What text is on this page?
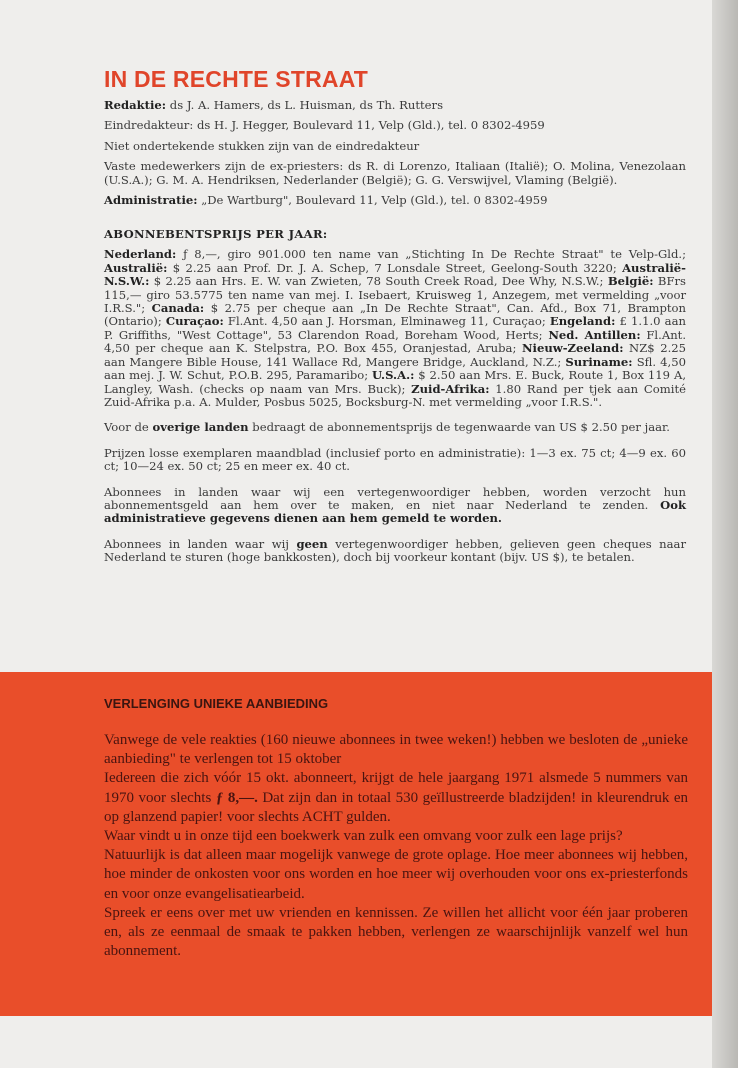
IN DE RECHTE STRAAT

Redaktie: ds J. A. Hamers, ds L. Huisman, ds Th. Rutters

Eindredakteur: ds H. J. Hegger, Boulevard 11, Velp (Gld.), tel. 0 8302-4959

Niet ondertekende stukken zijn van de eindredakteur

Vaste medewerkers zijn de ex-priesters: ds R. di Lorenzo, Italiaan (Italië); O. Molina, Venezolaan (U.S.A.); G. M. A. Hendriksen, Nederlander (België); G. G. Verswijvel, Vlaming (België).

Administratie: „De Wartburg", Boulevard 11, Velp (Gld.), tel. 0 8302-4959

ABONNEBENTSPRIJS PER JAAR:

Nederland: ƒ 8,—, giro 901.000 ten name van „Stichting In De Rechte Straat" te Velp-Gld.; Australië: $ 2.25 aan Prof. Dr. J. A. Schep, 7 Lonsdale Street, Geelong-South 3220; Australië-N.S.W.: $ 2.25 aan Hrs. E. W. van Zwieten, 78 South Creek Road, Dee Why, N.S.W.; België: BFrs 115,— giro 53.5775 ten name van mej. I. Isebaert, Kruisweg 1, Anzegem, met vermelding „voor I.R.S."; Canada: $ 2.75 per cheque aan „In De Rechte Straat", Can. Afd., Box 71, Brampton (Ontario); Curaçao: Fl.Ant. 4,50 aan J. Horsman, Elminaweg 11, Curaçao; Engeland: £ 1.1.0 aan P. Griffiths, "West Cottage", 53 Clarendon Road, Boreham Wood, Herts; Ned. Antillen: Fl.Ant. 4,50 per cheque aan K. Stelpstra, P.O. Box 455, Oranjestad, Aruba; Nieuw-Zeeland: NZ$ 2.25 aan Mangere Bible House, 141 Wallace Rd, Mangere Bridge, Auckland, N.Z.; Suriname: Sfl. 4,50 aan mej. J. W. Schut, P.O.B. 295, Paramaribo; U.S.A.: $ 2.50 aan Mrs. E. Buck, Route 1, Box 119 A, Langley, Wash. (checks op naam van Mrs. Buck); Zuid-Afrika: 1.80 Rand per tjek aan Comité Zuid-Afrika p.a. A. Mulder, Posbus 5025, Bocksburg-N. met vermelding „voor I.R.S.".

Voor de overige landen bedraagt de abonnementsprijs de tegenwaarde van US $ 2.50 per jaar.

Prijzen losse exemplaren maandblad (inclusief porto en administratie): 1—3 ex. 75 ct; 4—9 ex. 60 ct; 10—24 ex. 50 ct; 25 en meer ex. 40 ct.

Abonnees in landen waar wij een vertegenwoordiger hebben, worden verzocht hun abonnementsgeld aan hem over te maken, en niet naar Nederland te zenden. Ook administratieve gegevens dienen aan hem gemeld te worden.

Abonnees in landen waar wij geen vertegenwoordiger hebben, gelieven geen cheques naar Nederland te sturen (hoge bankkosten), doch bij voorkeur kontant (bijv. US $), te betalen.

VERLENGING UNIEKE AANBIEDING

Vanwege de vele reakties (160 nieuwe abonnees in twee weken!) hebben we besloten de „unieke aanbieding" te verlengen tot 15 oktober

Iedereen die zich vóór 15 okt. abonneert, krijgt de hele jaargang 1971 alsmede 5 nummers van 1970 voor slechts ƒ 8,—. Dat zijn dan in totaal 530 geïllustreerde bladzijden! in kleurendruk en op glanzend papier! voor slechts ACHT gulden.

Waar vindt u in onze tijd een boekwerk van zulk een omvang voor zulk een lage prijs?

Natuurlijk is dat alleen maar mogelijk vanwege de grote oplage. Hoe meer abonnees wij hebben, hoe minder de onkosten voor ons worden en hoe meer wij overhouden voor ons ex-priesterfonds en voor onze evangelisatiearbeid.

Spreek er eens over met uw vrienden en kennissen. Ze willen het allicht voor één jaar proberen en, als ze eenmaal de smaak te pakken hebben, verlengen ze waarschijnlijk vanzelf wel hun abonnement.
